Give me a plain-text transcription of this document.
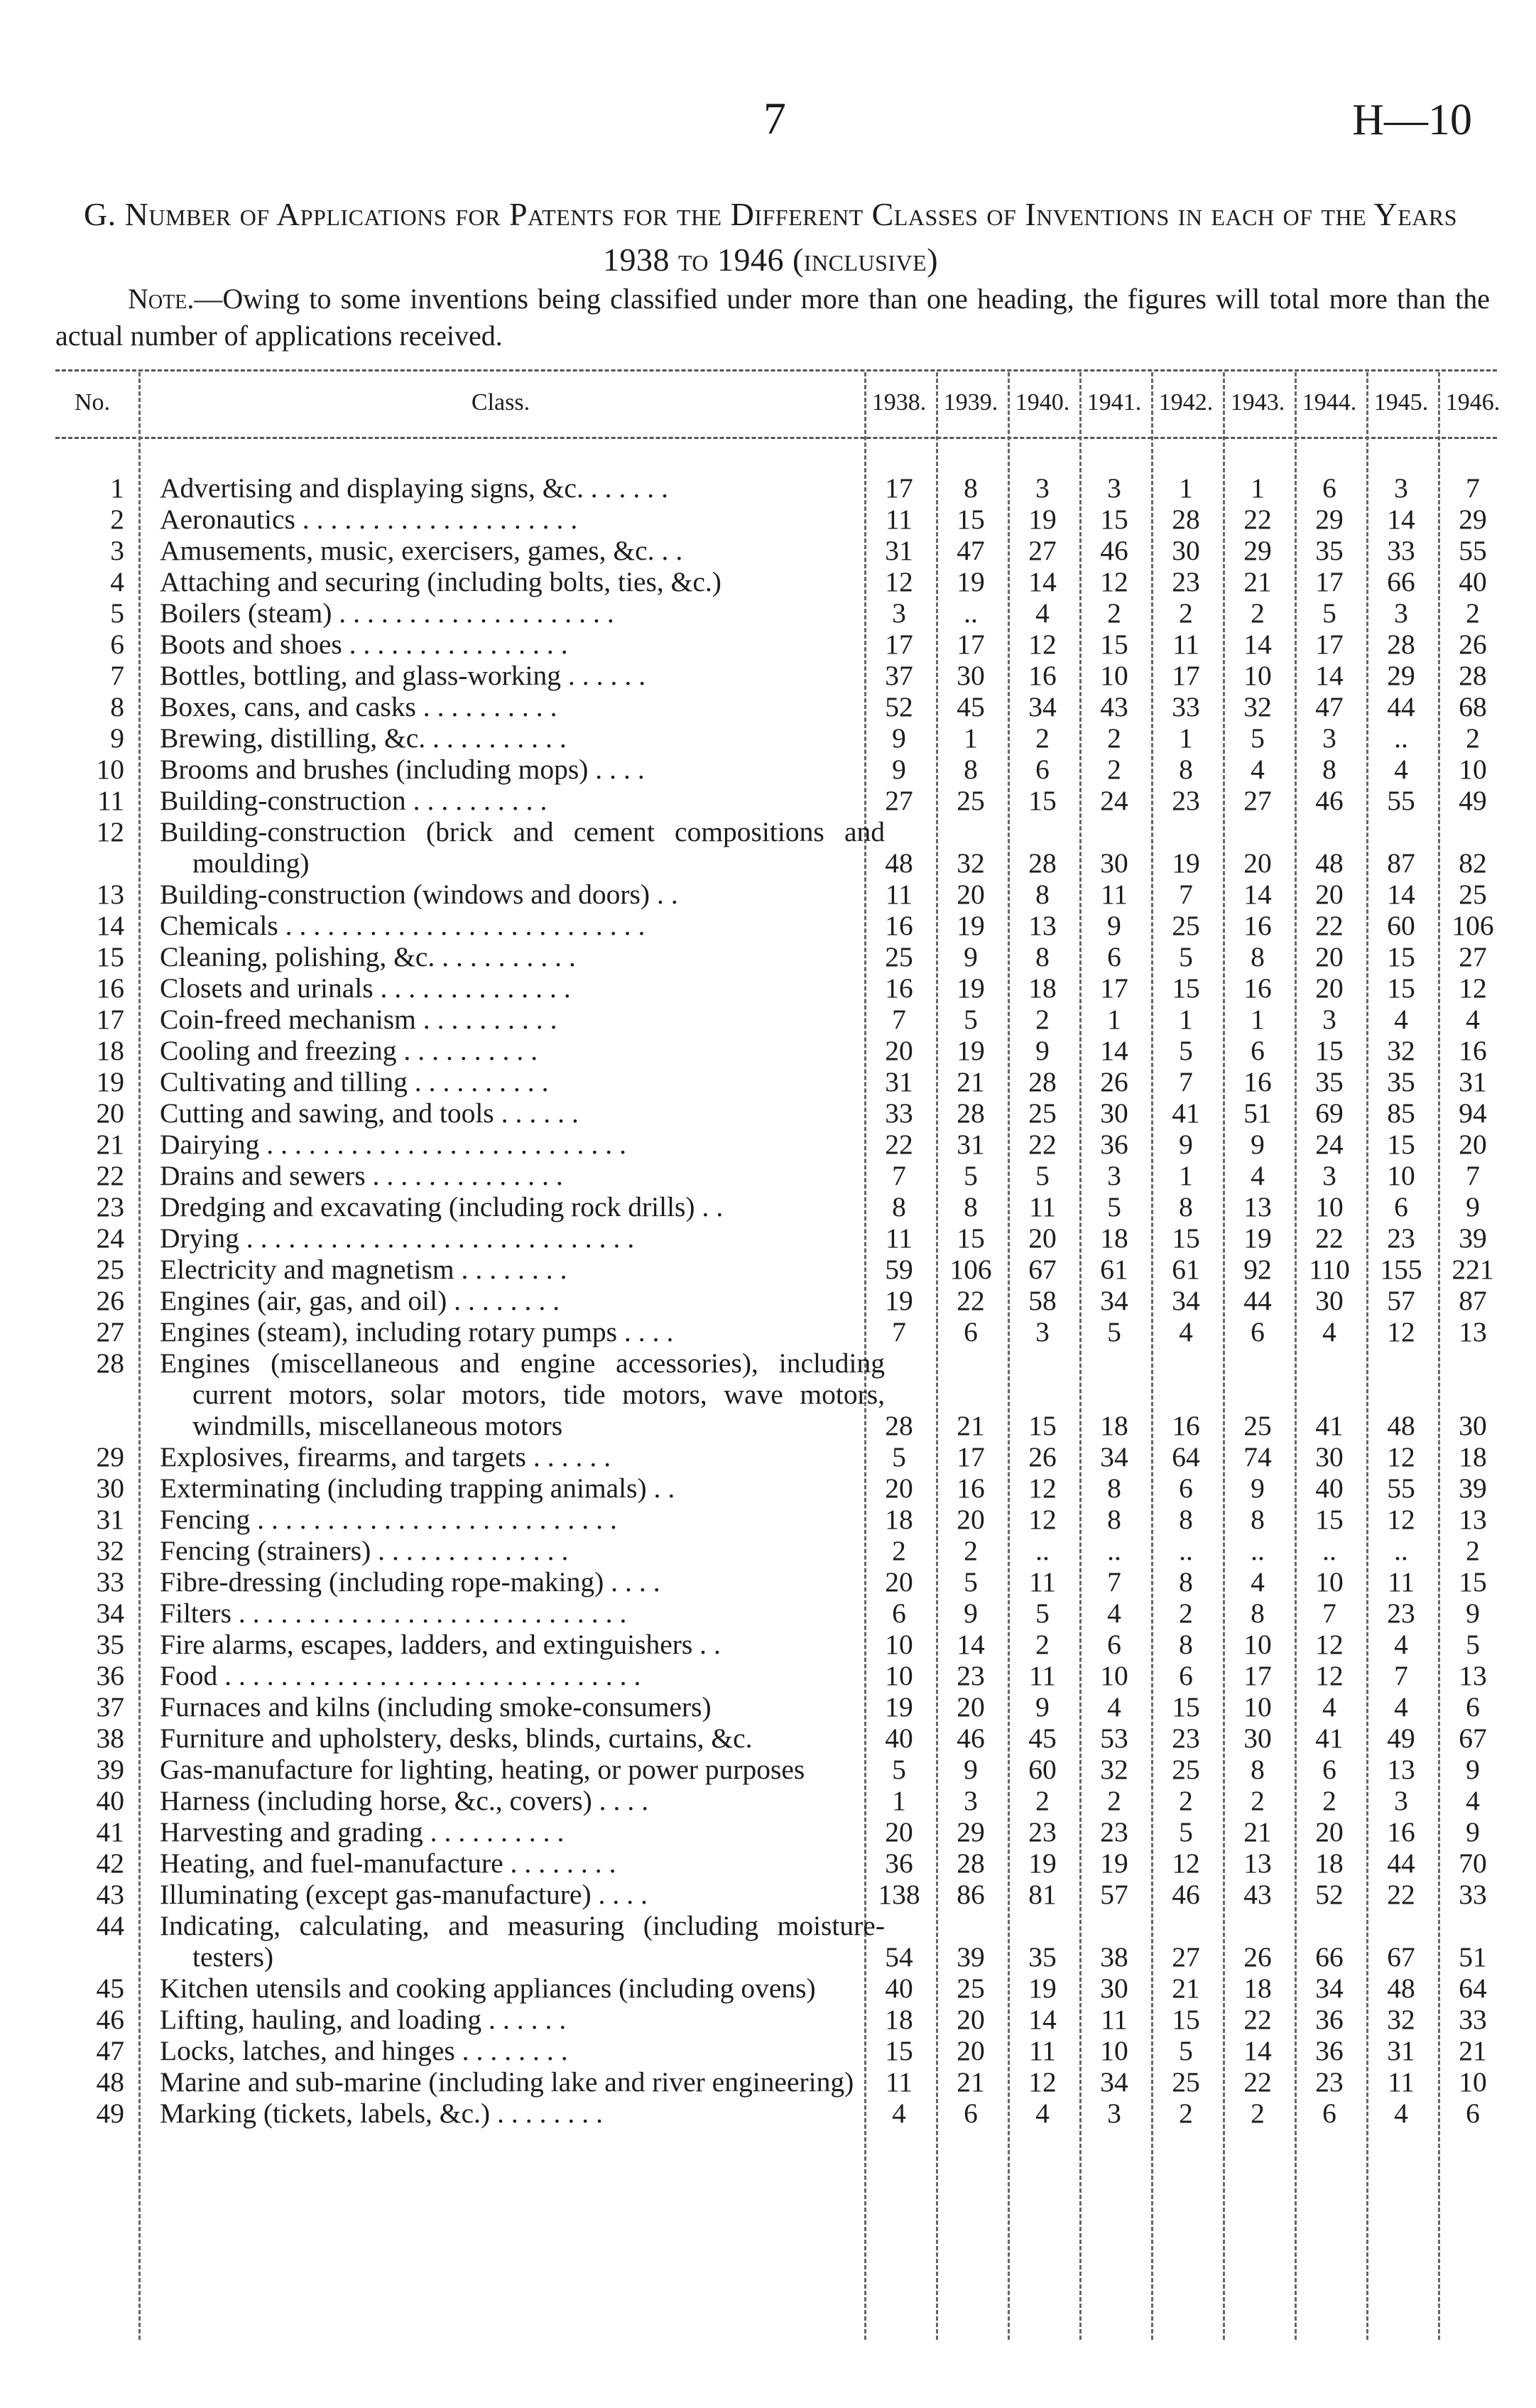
7	H—10
G. Number of Applications for Patents for the Different Classes of Inventions in each of the Years 1938 to 1946 (inclusive)
Note.—Owing to some inventions being classified under more than one heading, the figures will total more than the actual number of applications received.
No.	Class.	1938. 1939. 1940. 1941. 1942. 1943. 1944. 1945. 1946.
1 Advertising and displaying signs, &c. ......	17	8	3	3	1	1	6	3	7
2 Aeronautics ....................	11	15	19	15	28	22	29	14	29
3 Amusements, music, exercisers, games, &c. ..	31	47	27	46	30	29	35	33	55
4 Attaching and securing (including bolts, ties, &c.)	12	19	14	12	23	21	17	66	40
5 Boilers (steam) ....................	3	..	4	2	2	2	5	3	2
6 Boots and shoes ................	17	17	12	15	11	14	17	28	26
7 Bottles, bottling, and glass-working ......	37	30	16	10	17	10	14	29	28
8 Boxes, cans, and casks ..........	52	45	34	43	33	32	47	44	68
9 Brewing, distilling, &c. ..........	9	1	2	2	1	5	3	..	2
10 Brooms and brushes (including mops) ....	9	8	6	2	8	4	8	4	10
11 Building-construction ..........	27	25	15	24	23	27	46	55	49
12 Building-construction (brick and cement compositions and moulding)	48	32	28	30	19	20	48	87	82
13 Building-construction (windows and doors) ..	11	20	8	11	7	14	20	14	25
14 Chemicals ..........................	16	19	13	9	25	16	22	60	106
15 Cleaning, polishing, &c. ..........	25	9	8	6	5	8	20	15	27
16 Closets and urinals ..............	16	19	18	17	15	16	20	15	12
17 Coin-freed mechanism ..........	7	5	2	1	1	1	3	4	4
18 Cooling and freezing ..........	20	19	9	14	5	6	15	32	16
19 Cultivating and tilling ..........	31	21	28	26	7	16	35	35	31
20 Cutting and sawing, and tools ......	33	28	25	30	41	51	69	85	94
21 Dairying ..........................	22	31	22	36	9	9	24	15	20
22 Drains and sewers ..............	7	5	5	3	1	4	3	10	7
23 Dredging and excavating (including rock drills) ..	8	8	11	5	8	13	10	6	9
24 Drying ............................	11	15	20	18	15	19	22	23	39
25 Electricity and magnetism ........	59	106	67	61	61	92	110	155	221
26 Engines (air, gas, and oil) ........	19	22	58	34	34	44	30	57	87
27 Engines (steam), including rotary pumps ....	7	6	3	5	4	6	4	12	13
28 Engines (miscellaneous and engine accessories), including current motors, solar motors, tide motors, wave motors, windmills, miscellaneous motors	28	21	15	18	16	25	41	48	30
29 Explosives, firearms, and targets ......	5	17	26	34	64	74	30	12	18
30 Exterminating (including trapping animals) ..	20	16	12	8	6	9	40	55	39
31 Fencing ..........................	18	20	12	8	8	8	15	12	13
32 Fencing (strainers) ..............	2	2	..	..	..	..	..	..	2
33 Fibre-dressing (including rope-making) ....	20	5	11	7	8	4	10	11	15
34 Filters ............................	6	9	5	4	2	8	7	23	9
35 Fire alarms, escapes, ladders, and extinguishers ..	10	14	2	6	8	10	12	4	5
36 Food ..............................	10	23	11	10	6	17	12	7	13
37 Furnaces and kilns (including smoke-consumers)	19	20	9	4	15	10	4	4	6
38 Furniture and upholstery, desks, blinds, curtains, &c.	40	46	45	53	23	30	41	49	67
39 Gas-manufacture for lighting, heating, or power purposes	5	9	60	32	25	8	6	13	9
40 Harness (including horse, &c., covers) ....	1	3	2	2	2	2	2	3	4
41 Harvesting and grading ..........	20	29	23	23	5	21	20	16	9
42 Heating, and fuel-manufacture ........	36	28	19	19	12	13	18	44	70
43 Illuminating (except gas-manufacture) ....	138	86	81	57	46	43	52	22	33
44 Indicating, calculating, and measuring (including moisture-testers)	54	39	35	38	27	26	66	67	51
45 Kitchen utensils and cooking appliances (including ovens)	40	25	19	30	21	18	34	48	64
46 Lifting, hauling, and loading ......	18	20	14	11	15	22	36	32	33
47 Locks, latches, and hinges ........	15	20	11	10	5	14	36	31	21
48 Marine and sub-marine (including lake and river engineering)	11	21	12	34	25	22	23	11	10
49 Marking (tickets, labels, &c.) ........	4	6	4	3	2	2	6	4	6
